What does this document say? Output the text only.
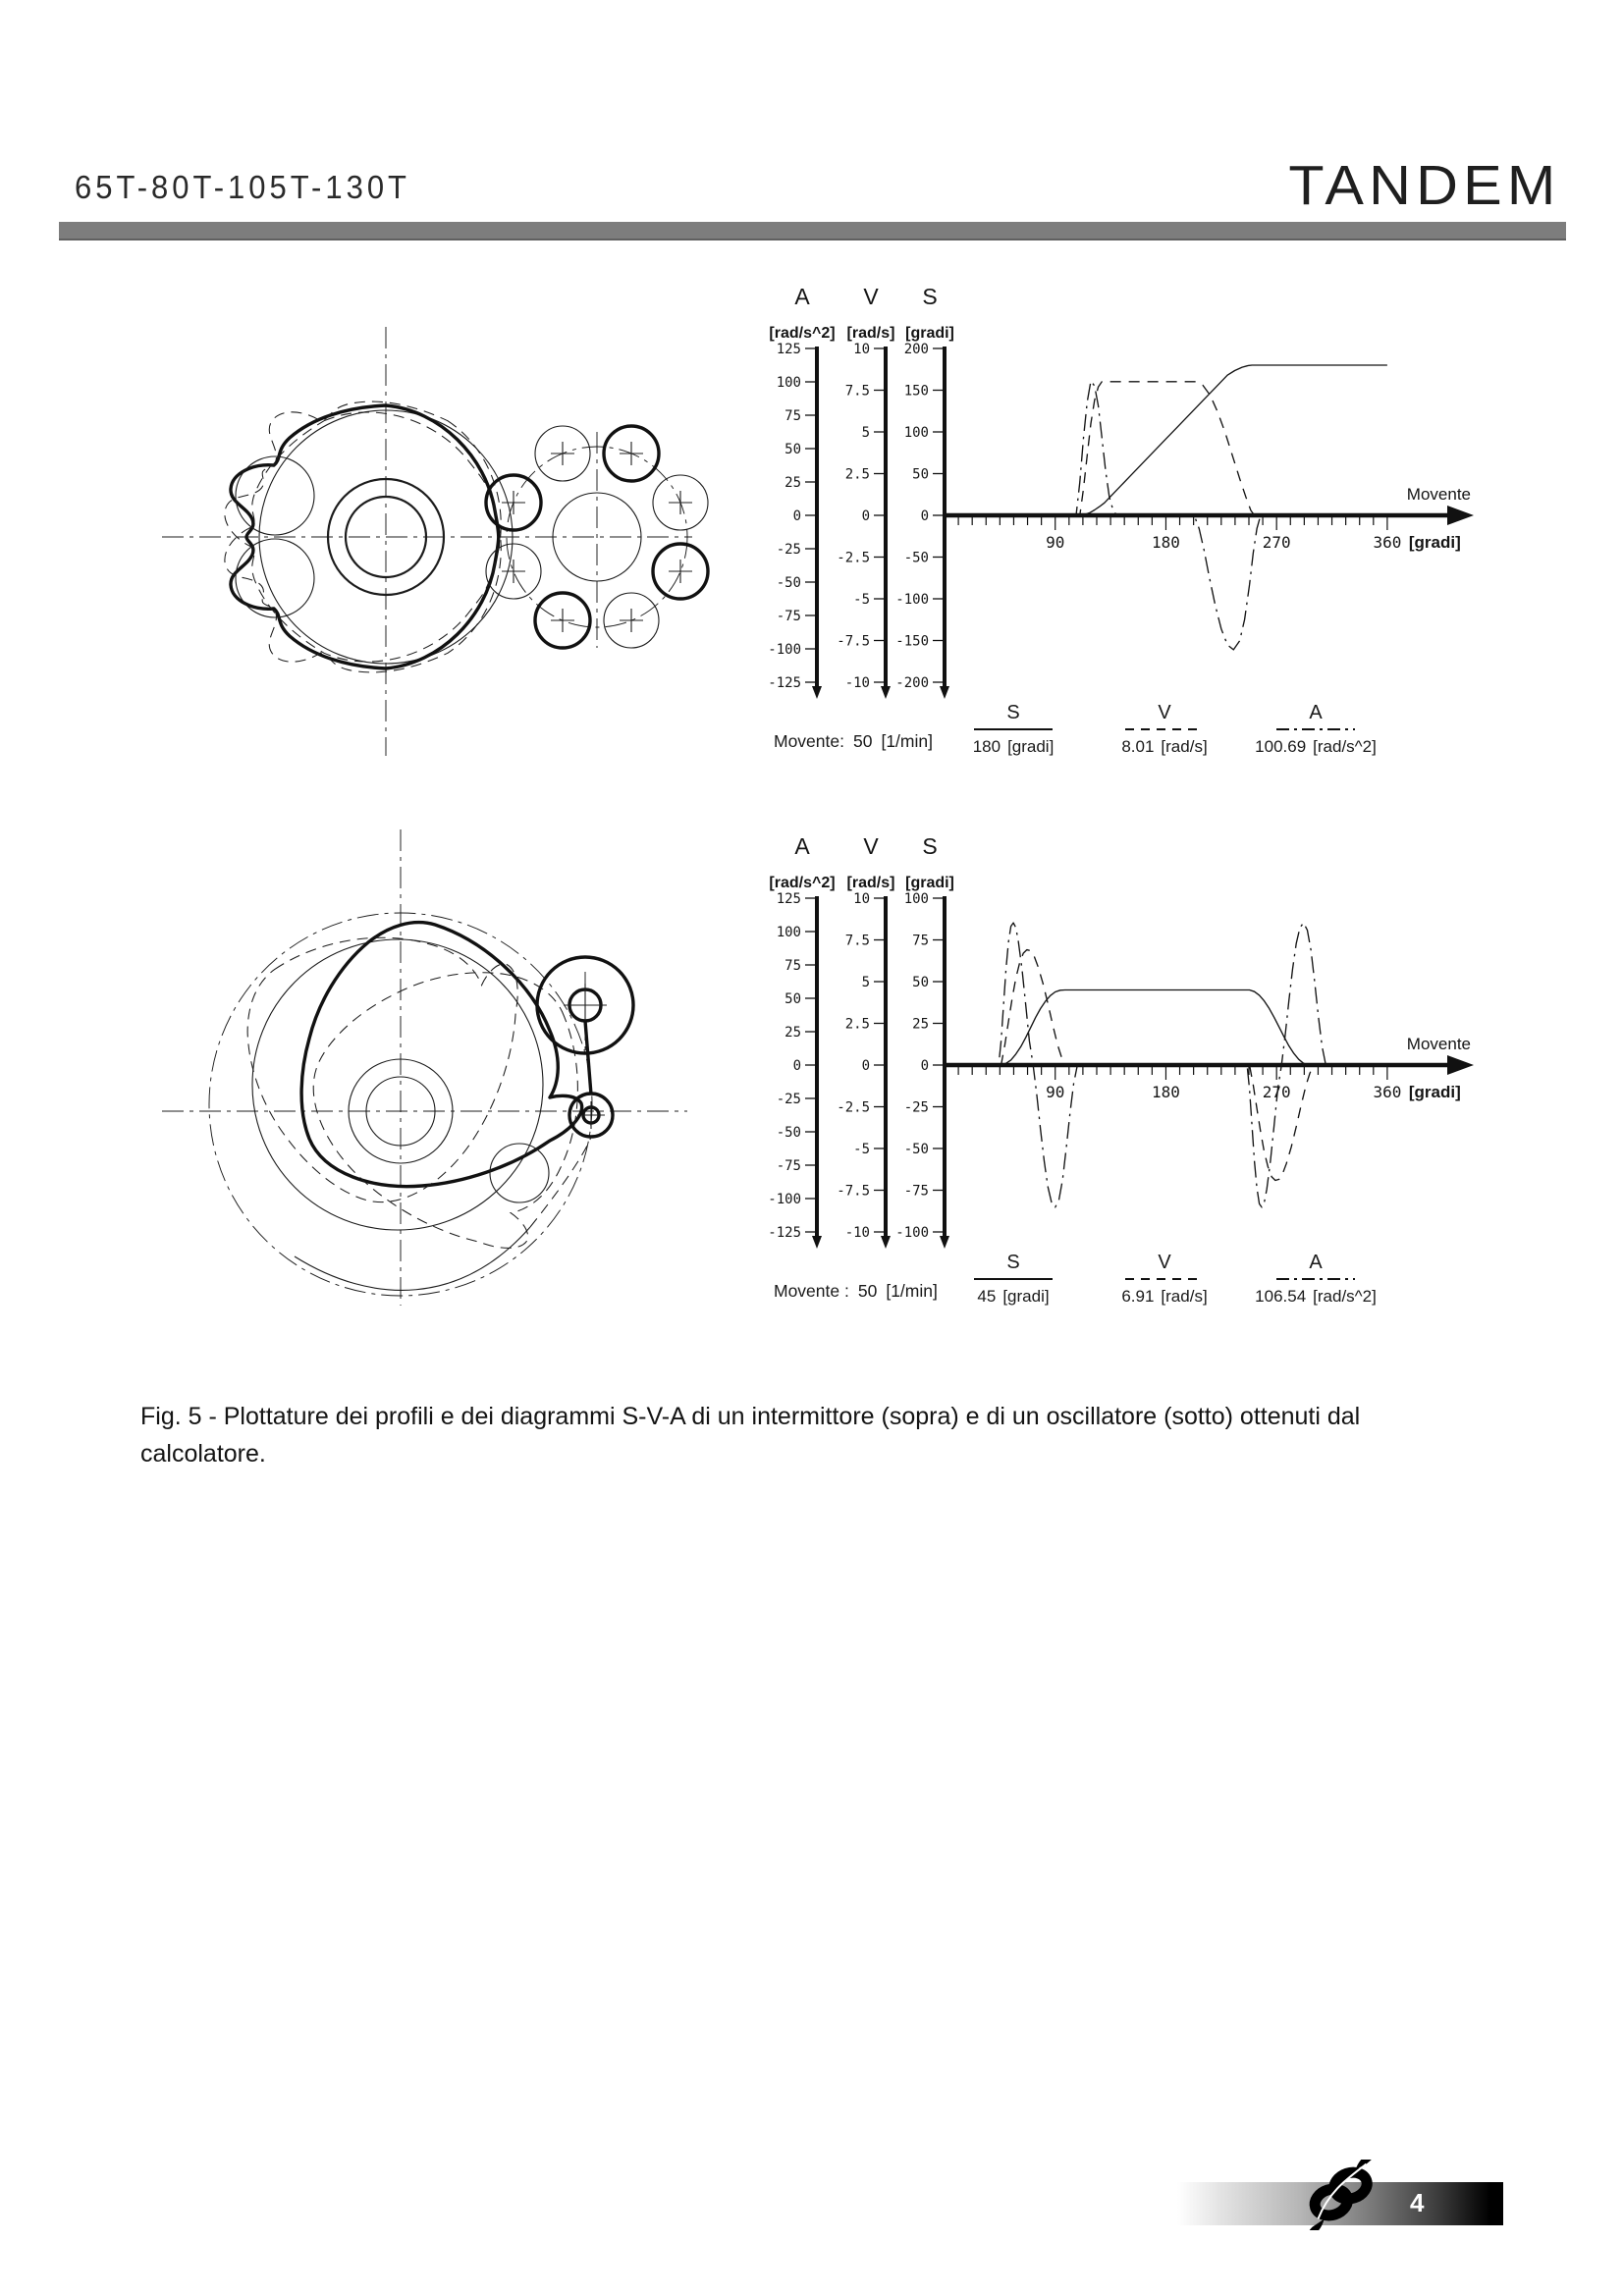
65T-80T-105T-130T	TANDEM
Movente: 50 [1/min]
S
180 [gradi]
V
8.01 [rad/s]
A
100.69 [rad/s^2]
A
[rad/s^2]
125
100
75
50
25
0
-25
-50
-75
-100
-125
V
[rad/s]
10
7.5
5
2.5
0
-2.5
-5
-7.5
-10
S
[gradi]
200
150
100
50
0
-50
-100
-150
-200
90	180	270	360 [gradi]
Movente
Movente : 50 [1/min]
S
45 [gradi]
V
6.91 [rad/s]
A
106.54 [rad/s^2]
A
[rad/s^2]
125
100
75
50
25
0
-25
-50
-75
-100
-125
V
[rad/s]
10
7.5
5
2.5
0
-2.5
-5
-7.5
-10
S
[gradi]
100
75
50
25
0
-25
-50
-75
-100
90	180	270	360 [gradi]
Movente
Fig. 5 - Plottature dei profili e dei diagrammi S-V-A di un intermittore (sopra) e di un oscillatore (sotto) ottenuti dal calcolatore.
4
